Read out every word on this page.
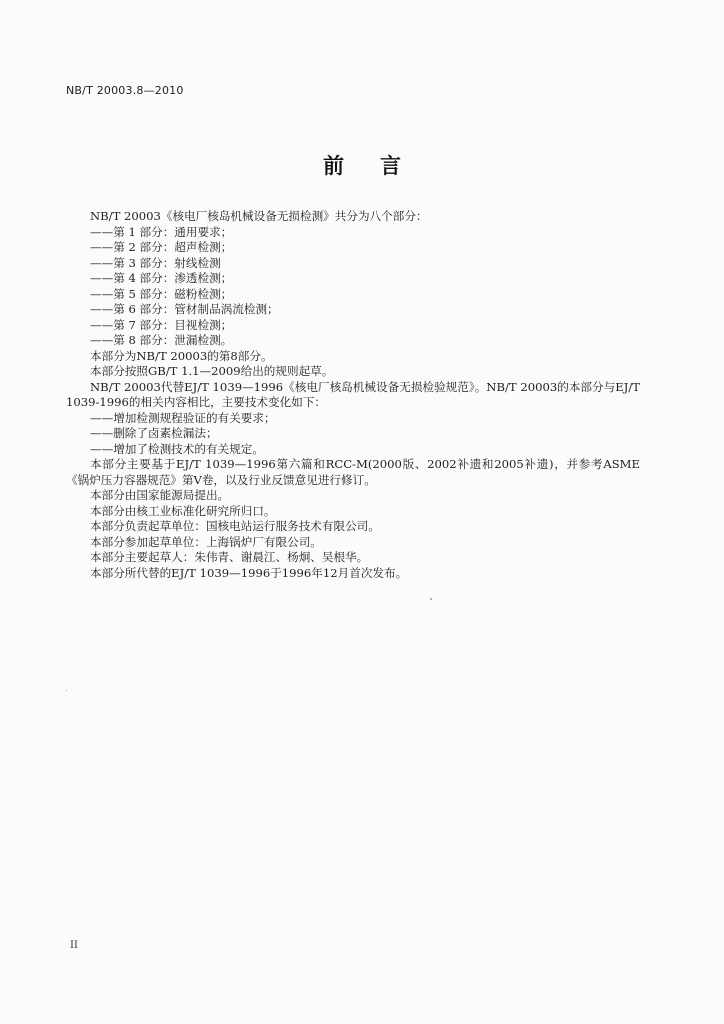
NB/T 20003.8—2010
前言

NB/T 20003《核电厂核岛机械设备无损检测》共分为八个部分：

——第 1 部分：通用要求；

——第 2 部分：超声检测；

——第 3 部分：射线检测

——第 4 部分：渗透检测；

——第 5 部分：磁粉检测；

——第 6 部分：管材制品涡流检测；

——第 7 部分：目视检测；

——第 8 部分：泄漏检测。

本部分为NB/T 20003的第8部分。

本部分按照GB/T 1.1—2009给出的规则起草。

NB/T 20003代替EJ/T 1039—1996《核电厂核岛机械设备无损检验规范》。NB/T 20003的本部分与EJ/T 1039-1996的相关内容相比，主要技术变化如下：

——增加检测规程验证的有关要求；

——删除了卤素检漏法；

——增加了检测技术的有关规定。

本部分主要基于EJ/T 1039—1996第六篇和RCC-M(2000版、2002补遗和2005补遗)，并参考ASME《锅炉压力容器规范》第V卷，以及行业反馈意见进行修订。

本部分由国家能源局提出。

本部分由核工业标准化研究所归口。

本部分负责起草单位：国核电站运行服务技术有限公司。

本部分参加起草单位：上海锅炉厂有限公司。

本部分主要起草人：朱伟青、谢晨江、杨炯、吴根华。

本部分所代替的EJ/T 1039—1996于1996年12月首次发布。

II
